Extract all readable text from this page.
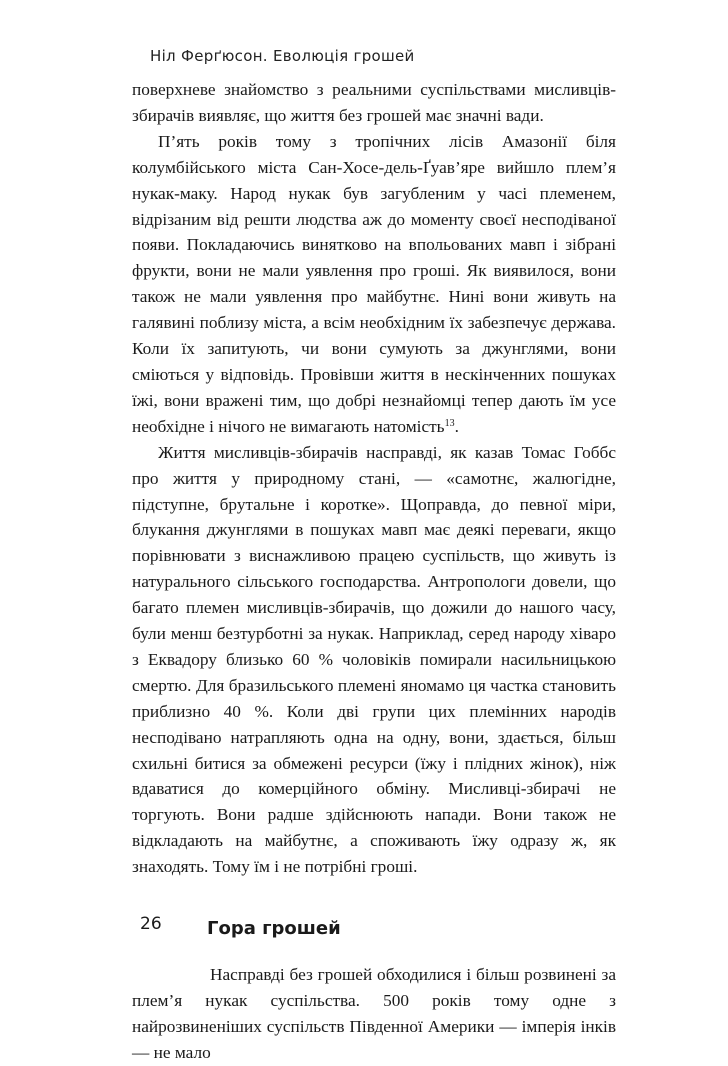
Ніл Ферґюсон. Еволюція грошей

поверхневе знайомство з реальними суспільствами мисливців-збирачів виявляє, що життя без грошей має значні вади.

П’ять років тому з тропічних лісів Амазонії біля колумбійського міста Сан-Хосе-дель-Ґуав’яре вийшло плем’я нукак-маку. Народ нукак був загубленим у часі племенем, відрізаним від решти людства аж до моменту своєї несподіваної появи. Покладаючись винятково на впольованих мавп і зібрані фрукти, вони не мали уявлення про гроші. Як виявилося, вони також не мали уявлення про майбутнє. Нині вони живуть на галявині поблизу міста, а всім необхідним їх забезпечує держава. Коли їх запитують, чи вони сумують за джунглями, вони сміються у відповідь. Провівши життя в нескінченних пошуках їжі, вони вражені тим, що добрі незнайомці тепер дають їм усе необхідне і нічого не вимагають натомість$^{13}$.

Життя мисливців-збирачів насправді, як казав Томас Гоббс про життя у природному стані, — «самотнє, жалюгідне, підступне, брутальне і коротке». Щоправда, до певної міри, блукання джунглями в пошуках мавп має деякі переваги, якщо порівнювати з виснажливою працею суспільств, що живуть із натурального сільського господарства. Антропологи довели, що багато племен мисливців-збирачів, що дожили до нашого часу, були менш безтурботні за нукак. Наприклад, серед народу хіваро з Еквадору близько 60 % чоловіків помирали насильницькою смертю. Для бразильського племені яномамо ця частка становить приблизно 40 %. Коли дві групи цих племінних народів несподівано натрапляють одна на одну, вони, здається, більш схильні битися за обмежені ресурси (їжу і плідних жінок), ніж вдаватися до комерційного обміну. Мисливці-збирачі не торгують. Вони радше здійснюють напади. Вони також не відкладають на майбутнє, а споживають їжу одразу ж, як знаходять. Тому їм і не потрібні гроші.

Гора грошей

Насправді без грошей обходилися і більш розвинені за плем’я нукак суспільства. 500 років тому одне з найрозвиненіших суспільств Південної Америки — імперія інків — не мало

26
